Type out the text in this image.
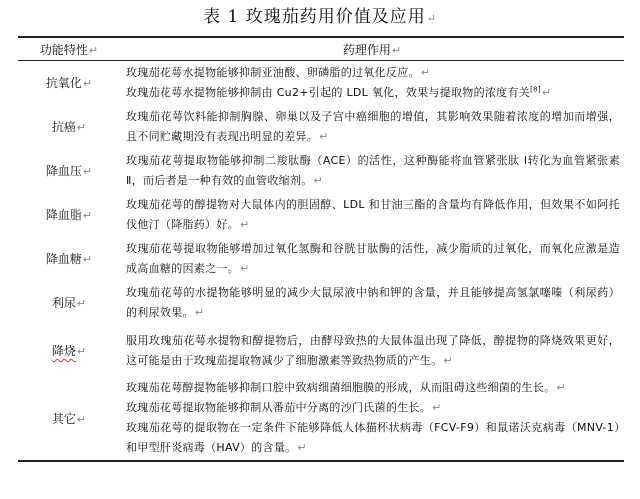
表 1 玫瑰茄药用价值及应用↵
功能特性↵	药理作用↵
抗氧化↵	玫瑰茄花萼水提物能够抑制亚油酸、卵磷脂的过氧化反应。↵

玫瑰茄花萼水提物能够抑制由 Cu2+引起的 LDL 氧化，效果与提取物的浓度有关[8]↵

抗癌↵	玫瑰茄花萼饮料能抑制胸腺、卵巢以及子宫中癌细胞的增值，其影响效果随着浓度的增加而增强，且不同贮藏期没有表现出明显的差异。↵

降血压↵	玫瑰茄花萼提取物能够抑制二羧肽酶（ACE）的活性，这种酶能将血管紧张肽 I转化为血管紧张素Ⅱ，而后者是一种有效的血管收缩剂。↵

降血脂↵	玫瑰茄花萼的醇提物对大鼠体内的胆固醇、LDL 和甘油三酯的含量均有降低作用，但效果不如阿托伐他汀（降脂药）好。↵

降血糖↵	玫瑰茄花萼提取物能够增加过氧化氢酶和谷胱甘肽酶的活性，减少脂质的过氧化，而氧化应激是造成高血糖的因素之一。↵

利尿↵	玫瑰茄花萼的水提物能够明显的减少大鼠尿液中钠和钾的含量，并且能够提高氢氯噻嗪（利尿药）的利尿效果。↵

降烧↵	服用玫瑰茄花萼水提物和醇提物后，由酵母致热的大鼠体温出现了降低，醇提物的降烧效果更好，这可能是由于玫瑰茄提取物减少了细胞激素等致热物质的产生。↵

其它↵	玫瑰茄花萼醇提物能够抑制口腔中致病细菌细胞膜的形成，从而阻碍这些细菌的生长。↵

玫瑰茄花萼提取物能够抑制从番茄中分离的沙门氏菌的生长。↵

玫瑰茄花萼的提取物在一定条件下能够降低人体猫杯状病毒（FCV-F9）和鼠诺沃克病毒（MNV-1）和甲型肝炎病毒（HAV）的含量。↵
